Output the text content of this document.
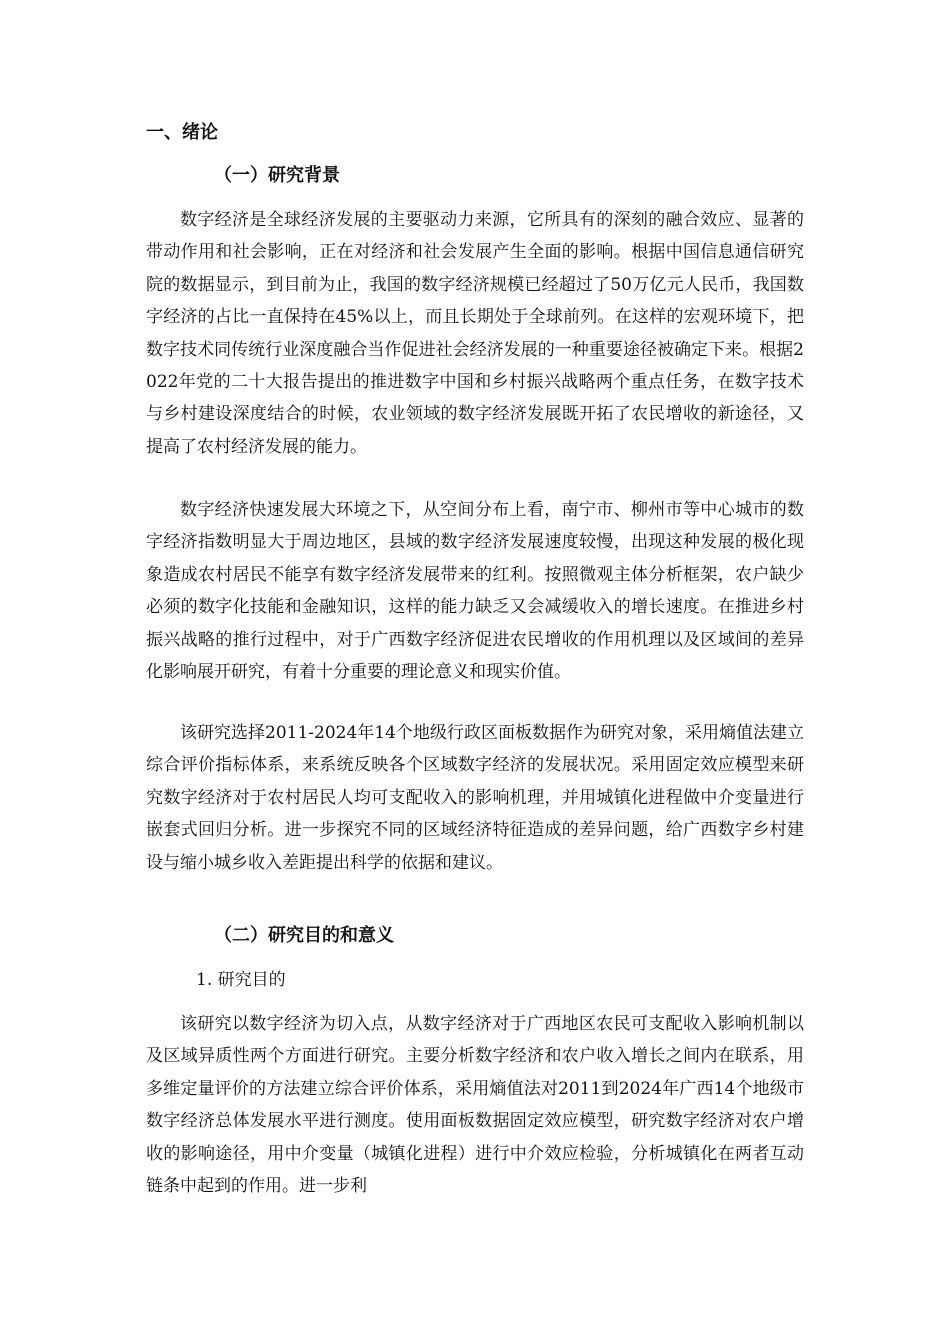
一、绪论
（一）研究背景

数字经济是全球经济发展的主要驱动力来源，它所具有的深刻的融合效应、显著的带动作用和社会影响，正在对经济和社会发展产生全面的影响。根据中国信息通信研究院的数据显示，到目前为止，我国的数字经济规模已经超过了50万亿元人民币，我国数字经济的占比一直保持在45%以上，而且长期处于全球前列。在这样的宏观环境下，把数字技术同传统行业深度融合当作促进社会经济发展的一种重要途径被确定下来。根据2022年党的二十大报告提出的推进数字中国和乡村振兴战略两个重点任务，在数字技术与乡村建设深度结合的时候，农业领域的数字经济发展既开拓了农民增收的新途径，又提高了农村经济发展的能力。

数字经济快速发展大环境之下，从空间分布上看，南宁市、柳州市等中心城市的数字经济指数明显大于周边地区，县域的数字经济发展速度较慢，出现这种发展的极化现象造成农村居民不能享有数字经济发展带来的红利。按照微观主体分析框架，农户缺少必须的数字化技能和金融知识，这样的能力缺乏又会减缓收入的增长速度。在推进乡村振兴战略的推行过程中，对于广西数字经济促进农民增收的作用机理以及区域间的差异化影响展开研究，有着十分重要的理论意义和现实价值。

该研究选择2011-2024年14个地级行政区面板数据作为研究对象，采用熵值法建立综合评价指标体系，来系统反映各个区域数字经济的发展状况。采用固定效应模型来研究数字经济对于农村居民人均可支配收入的影响机理，并用城镇化进程做中介变量进行嵌套式回归分析。进一步探究不同的区域经济特征造成的差异问题，给广西数字乡村建设与缩小城乡收入差距提出科学的依据和建议。

（二）研究目的和意义
1. 研究目的

该研究以数字经济为切入点，从数字经济对于广西地区农民可支配收入影响机制以及区域异质性两个方面进行研究。主要分析数字经济和农户收入增长之间内在联系，用多维定量评价的方法建立综合评价体系，采用熵值法对2011到2024年广西14个地级市数字经济总体发展水平进行测度。使用面板数据固定效应模型，研究数字经济对农户增收的影响途径，用中介变量（城镇化进程）进行中介效应检验，分析城镇化在两者互动链条中起到的作用。进一步利
